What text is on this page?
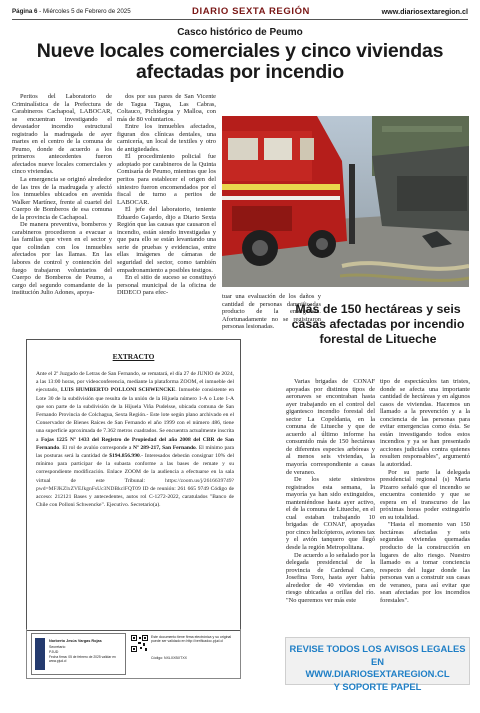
Página 6 - Miércoles 5 de Febrero de 2025	DIARIO SEXTA REGIÓN	www.diariosextaregion.cl
Casco histórico de Peumo
Nueve locales comerciales y cinco viviendas afectadas por incendio

Peritos del Laboratorio de Criminalística de la Prefectura de Carabineros Cachapoal, LABOCAR, se encuentran investigando el devastador incendio estructural registrado la madrugada de ayer martes en el centro de la comuna de Peumo, donde de acuerdo a los primeros antecedentes fueron afectados nueve locales comerciales y cinco viviendas.

La emergencia se originó alrededor de las tres de la madrugada y afectó los inmuebles ubicados en avenida Walker Martínez, frente al cuartel del Cuerpo de Bomberos de esa comuna de la provincia de Cachapoal.

De manera preventiva, bomberos y carabineros procedieron a evacuar a las familias que viven en el sector y que colindan con los inmuebles afectados por las llamas. En las labores de control y contención del fuego trabajaron voluntarios del Cuerpo de Bomberos de Peumo, a cargo del segundo comandante de la institución Julio Adones, apoya-

dos por sus pares de San Vicente de Tagua Tagua, Las Cabras, Coltauco, Pichidegua y Malloa, con más de 80 voluntarios.

Entre los inmuebles afectados, figuran dos clínicas dentales, una carnicería, un local de textiles y otro de antigüedades.

El procedimiento policial fue adoptado por carabineros de la Quinta Comisaría de Peumo, mientras que los peritos para establecer el origen del siniestro fueron encomendados por el fiscal de turno a peritos de LABOCAR.

El jefe del laboratorio, teniente Eduardo Gajardo, dijo a Diario Sexta Región que las causas que causaron el incendio, están siendo investigadas y que para ello se están levantando una serie de pruebas y evidencias, entre ellas imágenes de cámaras de seguridad del sector, como también empadronamiento a posibles testigos.

En el sitio de suceso se constituyó personal municipal de la oficina de DIDECO para efec-

tuar una evaluación de los daños y cantidad de personas damnificadas producto de la emergencia. Afortunadamente no se registraron personas lesionadas.

Más de 150 hectáreas y seis casas afectadas por incendio forestal de Litueche

Varias brigadas de CONAF apoyadas por distintos tipos de aeronaves se encontraban hasta ayer trabajando en el control del gigantesco incendio forestal del sector La Copeldania, en la comuna de Litueche y que de acuerdo al último informe ha consumido más de 150 hectáreas de diferentes especies arbóreas y al menos seis viviendas, la mayoría correspondiente a casas de veraneo.

De los siete siniestros registrados esta semana, la mayoría ya han sido extinguidos, manteniéndose hasta ayer activo, el de la comuna de Litueche, en el cual estaban trabajando 10 brigadas de CONAF, apoyadas por cinco helicópteros, aviones tax y el avión tanquero que llegó desde la región Metropolitana.

De acuerdo a lo señalado por la delegada presidencial de la provincia de Cardenal Caro, Josefina Toro, hasta ayer había alrededor de 40 viviendas en riesgo ubicadas a orillas del río. "No queremos ver más este

tipo de espectáculos tan tristes, donde se afecta una importante cantidad de hectáreas y en algunos casos de viviendas. Hacemos un llamado a la prevención y a la conciencia de las personas para evitar emergencias como ésta. Se están investigando todos estos incendios y ya se han presentado acciones judiciales contra quienes resulten responsables", argumentó la autoridad.

Por su parte la delegada presidencial regional (s) Marta Pizarro señaló que el incendio se encuentra contenido y que se espera en el transcurso de las próximas horas poder extinguirlo en su totalidad.

"Hasta el momento van 150 hectáreas afectadas y seis segundas viviendas quemadas producto de la construcción en lugares de alto riesgo. Nuestro llamado es a tomar conciencia respecto del lugar donde las personas van a construir sus casas de veraneo, para así evitar que sean afectadas por los incendios forestales".

EXTRACTO
Ante el 2º Juzgado de Letras de San Fernando, se rematará, el día 27 de JUNIO de 2024, a las 13:00 horas, por videoconferencia, mediante la plataforma ZOOM, el inmueble del ejecutado, LUIS HUMBERTO POLLONI SCHWENCKE. Inmueble consistente en Lote 30 de la subdivisión que resulta de la unión de la Hijuela número 1-A o Lote 1-A que son parte de la subdivisión de la Hijuela Viña Pudelsse, ubicada comuna de San Fernando Provincia de Colchagua, Sexta Región.- Este lote según plano archivado en el Conservador de Bienes Raíces de San Fernando el año 1999 con el número 486, tiene una superficie aproximada de 7.362 metros cuadrados. Se encuentra actualmente inscrita a Fojas 1225 Nº 1433 del Registro de Propiedad del año 2008 del CBR de San Fernando. El rol de avalúo corresponde a Nº 289-217, San Fernando. El mínimo para las posturas será la cantidad de $194.856.990.- Interesados deberán consignar 10% del mínimo para participar de la subasta conforme a las bases de remate y su correspondiente modificación. Enlace ZOOM de la audiencia a efectuarse en la sala virtual de este Tribunal: https://zoom.us/j/2616639749?pwd=MFJKZlxZVEJkgnFsUc3NDBkclFQT09 ID de reunión: 261 665 9749 Código de acceso: 212121 Bases y antecedentes, autos rol C-1272-2022, caratulados "Banco de Chile con Polloni Schwencke". Ejecutivo. Secretario(a).
Norberto Jesús Vargas Rojas
Secretario
PJUD
Fecha firma: 05 de febrero de 2025 validar en www.pjud.cl
Este documento tiene firma electrónica y su original puede ser validado en http://verificadoc.pjud.cl
Código: NXLXXBXTXX
REVISE TODOS LOS AVISOS LEGALES EN
WWW.DIARIOSEXTAREGION.CL
Y SOPORTE PAPEL
